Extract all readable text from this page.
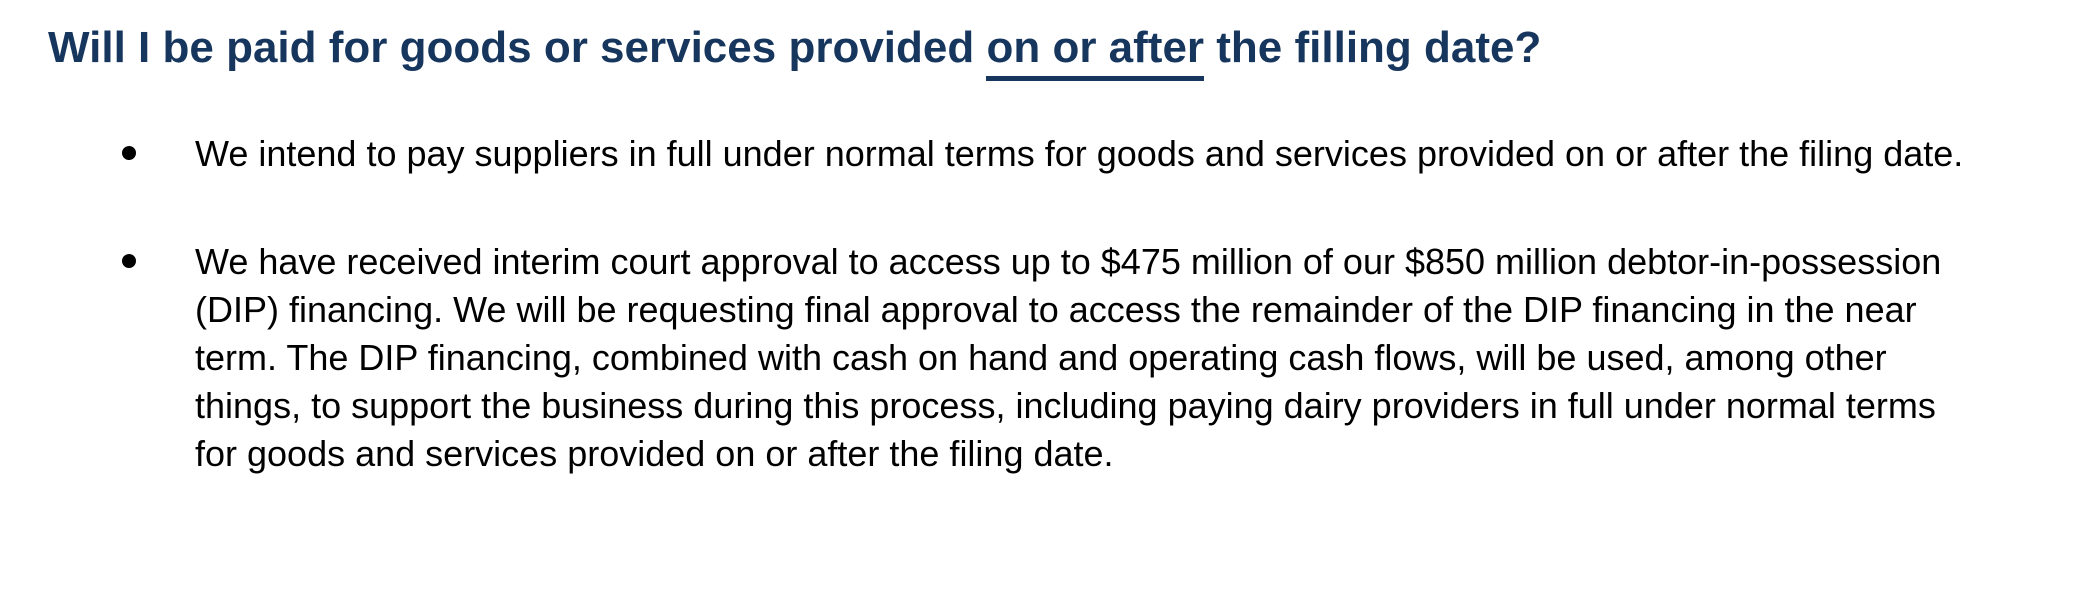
Will I be paid for goods or services provided on or after the filling date?
We intend to pay suppliers in full under normal terms for goods and services provided on or after the filing date.
We have received interim court approval to access up to $475 million of our $850 million debtor-in-possession (DIP) financing. We will be requesting final approval to access the remainder of the DIP financing in the near term. The DIP financing, combined with cash on hand and operating cash flows, will be used, among other things, to support the business during this process, including paying dairy providers in full under normal terms for goods and services provided on or after the filing date.
